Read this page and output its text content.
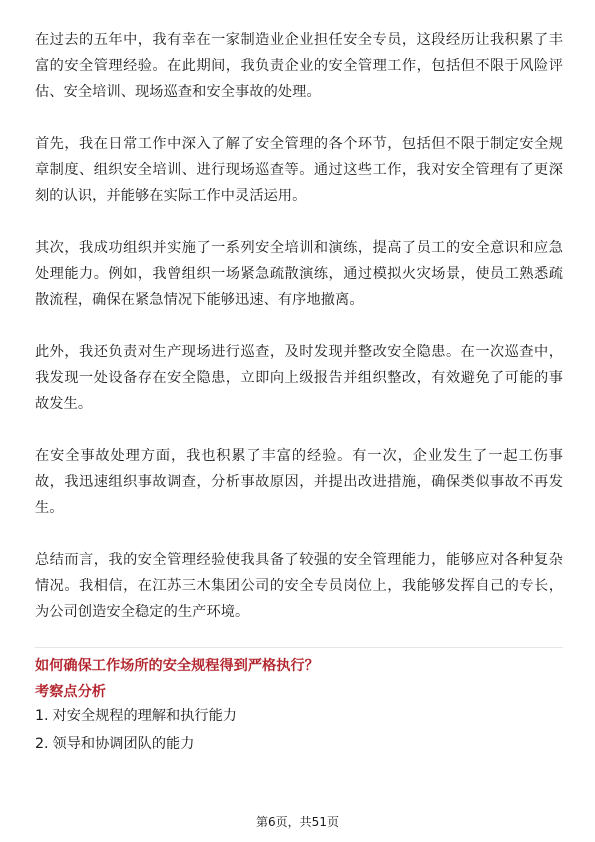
在过去的五年中，我有幸在一家制造业企业担任安全专员，这段经历让我积累了丰富的安全管理经验。在此期间，我负责企业的安全管理工作，包括但不限于风险评估、安全培训、现场巡查和安全事故的处理。

首先，我在日常工作中深入了解了安全管理的各个环节，包括但不限于制定安全规章制度、组织安全培训、进行现场巡查等。通过这些工作，我对安全管理有了更深刻的认识，并能够在实际工作中灵活运用。

其次，我成功组织并实施了一系列安全培训和演练，提高了员工的安全意识和应急处理能力。例如，我曾组织一场紧急疏散演练，通过模拟火灾场景，使员工熟悉疏散流程，确保在紧急情况下能够迅速、有序地撤离。

此外，我还负责对生产现场进行巡查，及时发现并整改安全隐患。在一次巡查中，我发现一处设备存在安全隐患，立即向上级报告并组织整改，有效避免了可能的事故发生。

在安全事故处理方面，我也积累了丰富的经验。有一次，企业发生了一起工伤事故，我迅速组织事故调查，分析事故原因，并提出改进措施，确保类似事故不再发生。

总结而言，我的安全管理经验使我具备了较强的安全管理能力，能够应对各种复杂情况。我相信，在江苏三木集团公司的安全专员岗位上，我能够发挥自己的专长，为公司创造安全稳定的生产环境。

如何确保工作场所的安全规程得到严格执行？
考察点分析
1. 对安全规程的理解和执行能力
2. 领导和协调团队的能力
第6页，共51页
